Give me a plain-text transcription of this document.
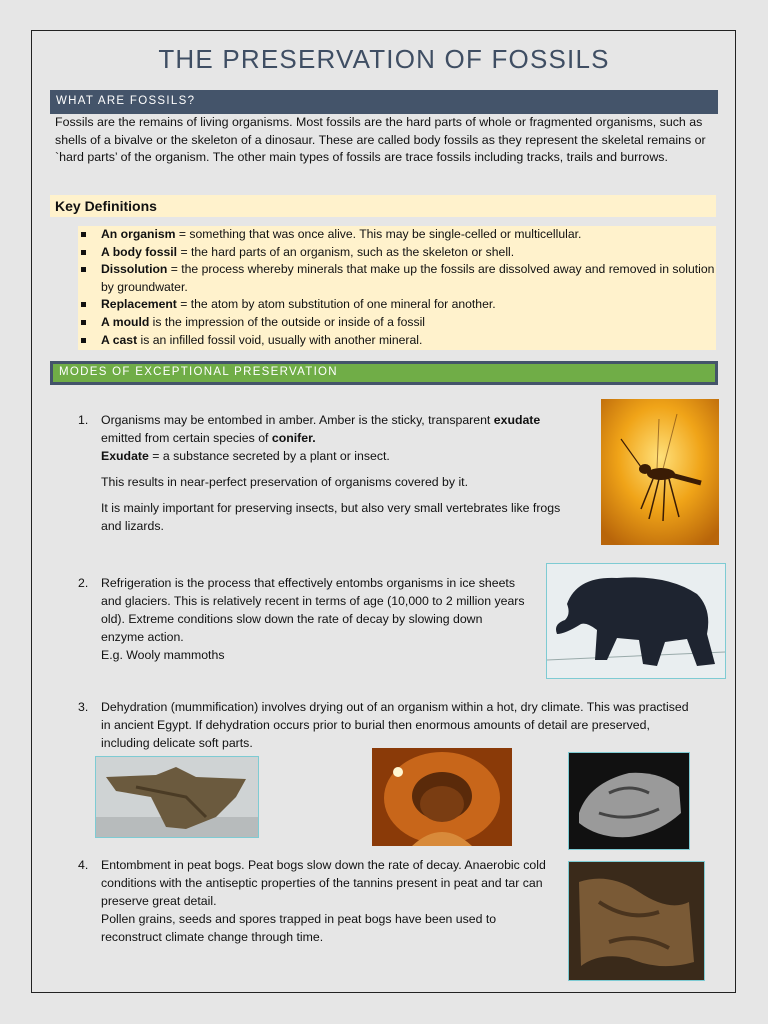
THE PRESERVATION OF FOSSILS
WHAT ARE FOSSILS?
Fossils are the remains of living organisms. Most fossils are the hard parts of whole or fragmented organisms, such as shells of a bivalve or the skeleton of a dinosaur. These are called body fossils as they represent the skeletal remains or `hard parts’ of the organism. The other main types of fossils are trace fossils including tracks, trails and burrows.
Key Definitions
An organism = something that was once alive. This may be single-celled or multicellular.
A body fossil = the hard parts of an organism, such as the skeleton or shell.
Dissolution = the process whereby minerals that make up the fossils are dissolved away and removed in solution by groundwater.
Replacement = the atom by atom substitution of one mineral for another.
A mould is the impression of the outside or inside of a fossil
A cast is an infilled fossil void, usually with another mineral.
MODES OF EXCEPTIONAL PRESERVATION
1. Organisms may be entombed in amber. Amber is the sticky, transparent exudate

emitted from certain species of conifer.

Exudate = a substance secreted by a plant or insect.

This results in near-perfect preservation of organisms covered by it.

It is mainly important for preserving insects, but also very small vertebrates like frogs and lizards.

2. Refrigeration is the process that effectively entombs organisms in ice sheets and glaciers. This is relatively recent in terms of age (10,000 to 2 million years old). Extreme conditions slow down the rate of decay by slowing down enzyme action.

E.g. Wooly mammoths

3. Dehydration (mummification) involves drying out of an organism within a hot, dry climate. This was practised in ancient Egypt. If dehydration occurs prior to burial then enormous amounts of detail are preserved, including delicate soft parts.
4. Entombment in peat bogs. Peat bogs slow down the rate of decay. Anaerobic cold conditions with the antiseptic properties of the tannins present in peat and tar can preserve great detail.

Pollen grains, seeds and spores trapped in peat bogs have been used to reconstruct climate change through time.
